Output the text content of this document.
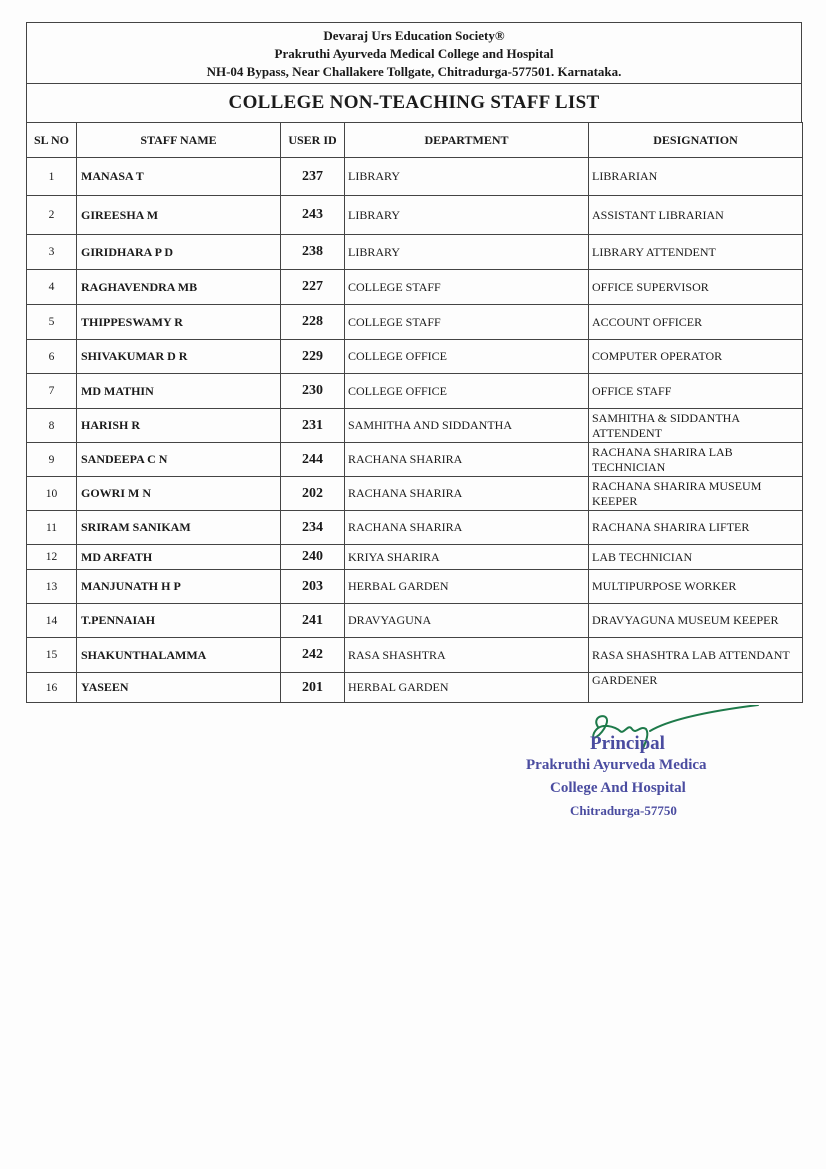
Devaraj Urs Education Society®
Prakruthi Ayurveda Medical College and Hospital
NH-04 Bypass, Near Challakere Tollgate, Chitradurga-577501. Karnataka.
COLLEGE NON-TEACHING STAFF LIST
SL NO	STAFF NAME	USER ID	DEPARTMENT	DESIGNATION
1	MANASA T	237	LIBRARY	LIBRARIAN
2	GIREESHA M	243	LIBRARY	ASSISTANT LIBRARIAN
3	GIRIDHARA P D	238	LIBRARY	LIBRARY ATTENDENT
4	RAGHAVENDRA MB	227	COLLEGE STAFF	OFFICE SUPERVISOR
5	THIPPESWAMY R	228	COLLEGE STAFF	ACCOUNT OFFICER
6	SHIVAKUMAR D R	229	COLLEGE OFFICE	COMPUTER OPERATOR
7	MD MATHIN	230	COLLEGE OFFICE	OFFICE STAFF
8	HARISH R	231	SAMHITHA AND SIDDANTHA	SAMHITHA & SIDDANTHA ATTENDENT
9	SANDEEPA C N	244	RACHANA SHARIRA	RACHANA SHARIRA LAB TECHNICIAN
10	GOWRI M N	202	RACHANA SHARIRA	RACHANA SHARIRA MUSEUM KEEPER
11	SRIRAM SANIKAM	234	RACHANA SHARIRA	RACHANA SHARIRA LIFTER
12	MD ARFATH	240	KRIYA SHARIRA	LAB TECHNICIAN
13	MANJUNATH H P	203	HERBAL GARDEN	MULTIPURPOSE WORKER
14	T.PENNAIAH	241	DRAVYAGUNA	DRAVYAGUNA MUSEUM KEEPER
15	SHAKUNTHALAMMA	242	RASA SHASHTRA	RASA SHASHTRA LAB ATTENDANT
16	YASEEN	201	HERBAL GARDEN	GARDENER
Principal
Prakruthi Ayurveda Medica
College And Hospital
Chitradurga-57750
